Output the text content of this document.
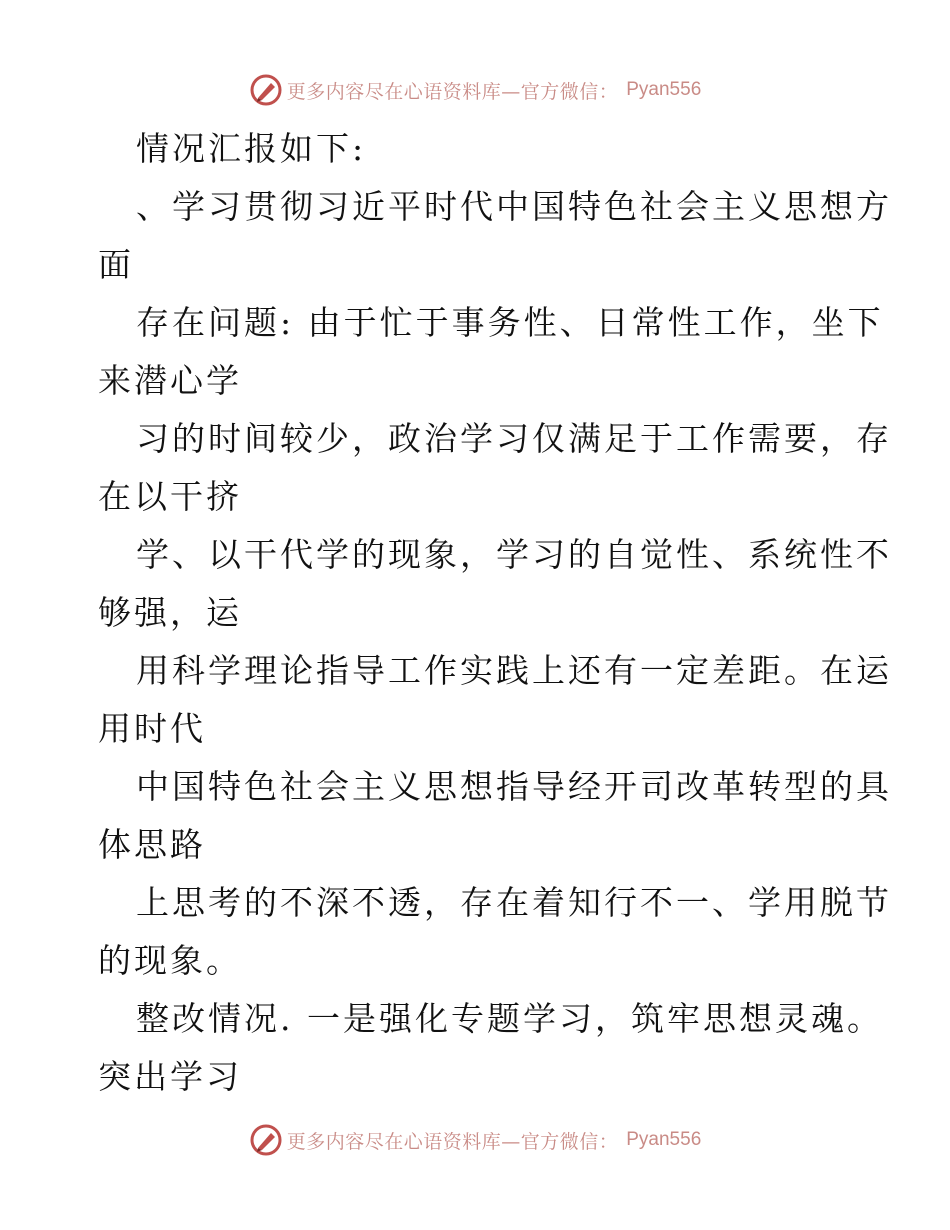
更多内容尽在心语资料库—官方微信： Pyan556
情况汇报如下:
、学习贯彻习近平时代中国特色社会主义思想方
面
存在问题: 由于忙于事务性、日常性工作，坐下
来潜心学
习的时间较少，政治学习仅满足于工作需要，存
在以干挤
学、以干代学的现象，学习的自觉性、系统性不
够强，运
用科学理论指导工作实践上还有一定差距。在运
用时代
中国特色社会主义思想指导经开司改革转型的具
体思路
上思考的不深不透，存在着知行不一、学用脱节
的现象。
整改情况. 一是强化专题学习，筑牢思想灵魂。
突出学习
更多内容尽在心语资料库—官方微信： Pyan556
